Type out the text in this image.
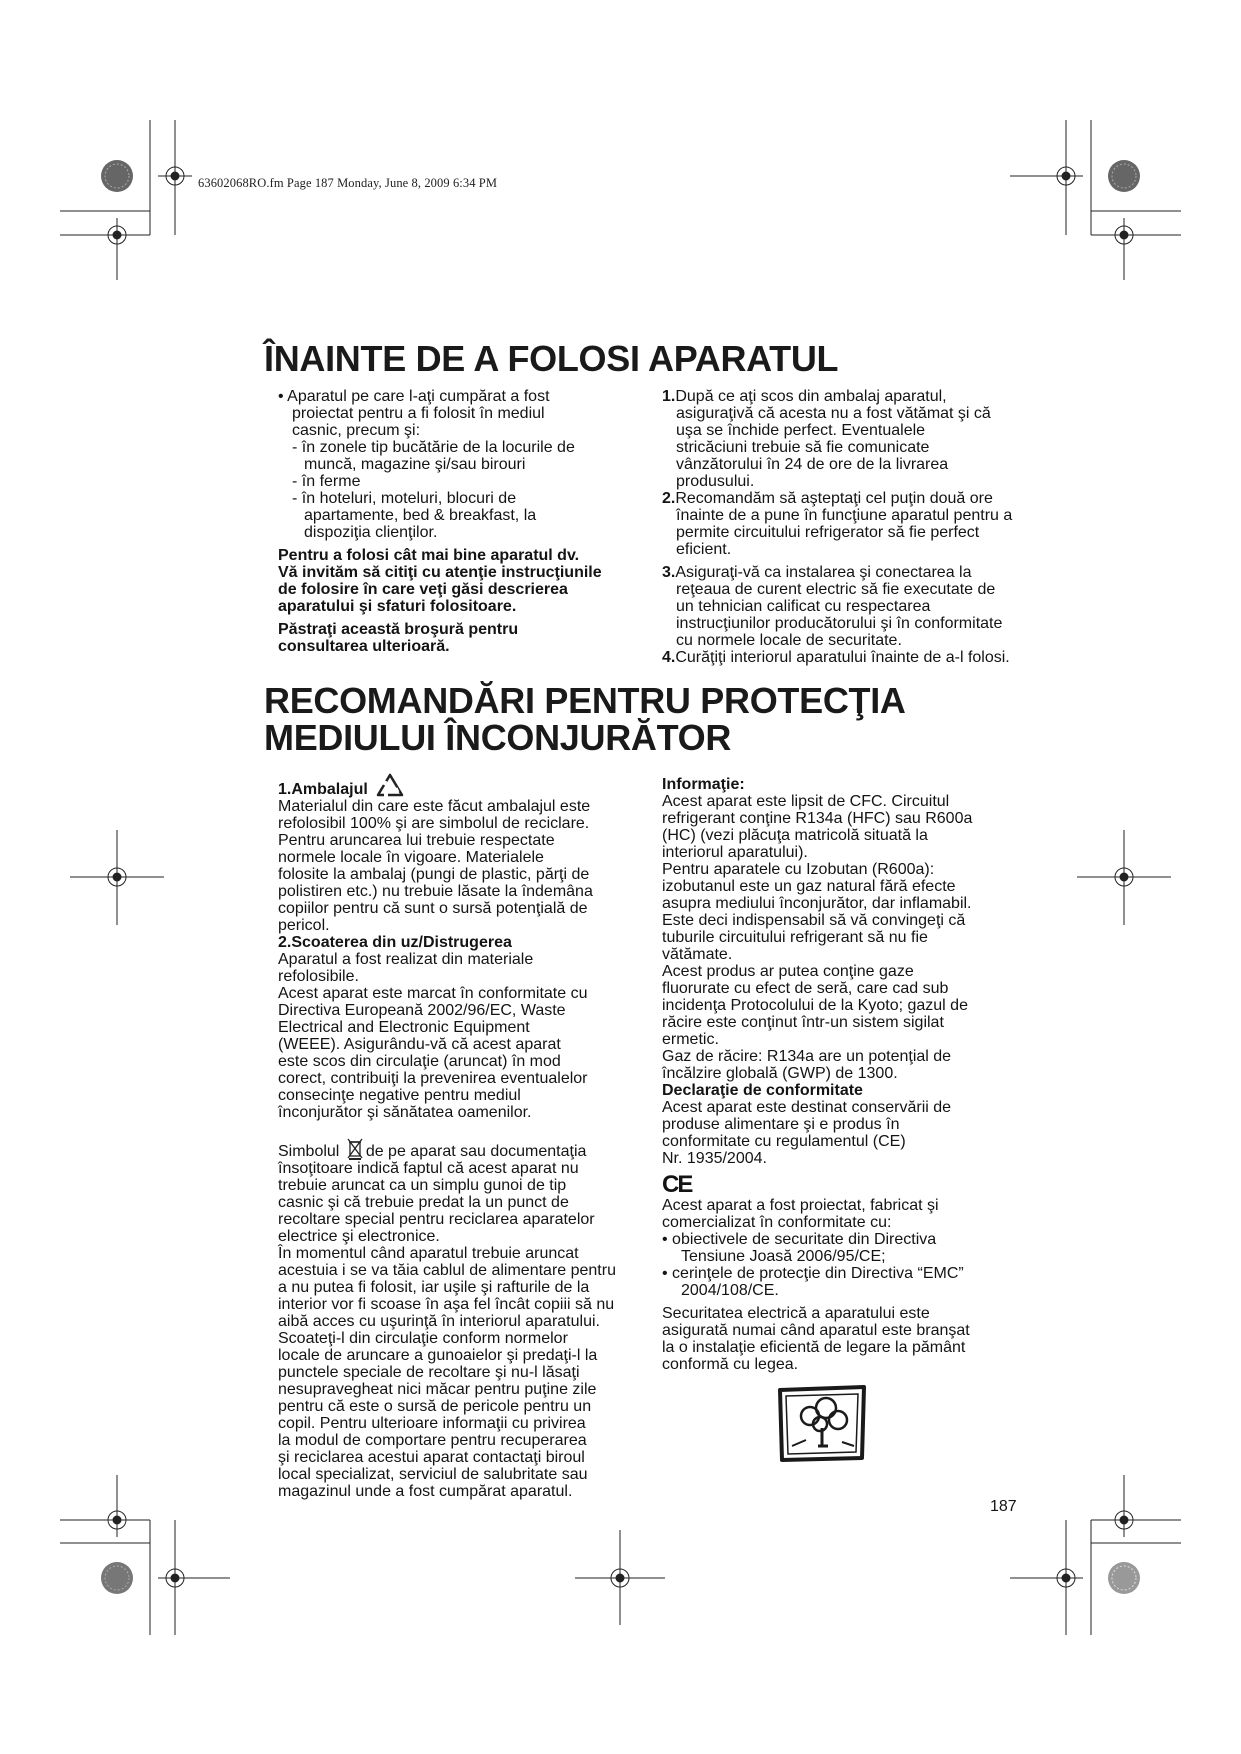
63602068RO.fm Page 187 Monday, June 8, 2009 6:34 PM
ÎNAINTE DE A FOLOSI APARATUL

• Aparatul pe care l-aţi cumpărat a fost

proiectat pentru a fi folosit în mediul

casnic, precum şi:

- în zonele tip bucătărie de la locurile de
muncă, magazine şi/sau birouri

- în ferme

- în hoteluri, moteluri, blocuri de
apartamente, bed & breakfast, la
dispoziţia clienţilor.

Pentru a folosi cât mai bine aparatul dv.
Vă invităm să citiţi cu atenţie instrucţiunile
de folosire în care veţi găsi descrierea
aparatului şi sfaturi folositoare.

Păstraţi această broşură pentru
consultarea ulterioară.

1.După ce aţi scos din ambalaj aparatul,
asiguraţivă că acesta nu a fost vătămat şi că
uşa se închide perfect. Eventualele
stricăciuni trebuie să fie comunicate
vânzătorului în 24 de ore de la livrarea
produsului.

2.Recomandăm să aşteptaţi cel puţin două ore
înainte de a pune în funcţiune aparatul pentru a
permite circuitului refrigerator să fie perfect
eficient.

3.Asiguraţi-vă ca instalarea şi conectarea la
reţeaua de curent electric să fie executate de
un tehnician calificat cu respectarea
instrucţiunilor producătorului şi în conformitate
cu normele locale de securitate.

4.Curăţiţi interiorul aparatului înainte de a-l folosi.

RECOMANDĂRI PENTRU PROTECŢIA
MEDIULUI ÎNCONJURĂTOR

1.Ambalajul

Materialul din care este făcut ambalajul este
refolosibil 100% şi are simbolul de reciclare.
Pentru aruncarea lui trebuie respectate
normele locale în vigoare. Materialele
folosite la ambalaj (pungi de plastic, părţi de
polistiren etc.) nu trebuie lăsate la îndemâna
copiilor pentru că sunt o sursă potenţială de
pericol.

2.Scoaterea din uz/Distrugerea

Aparatul a fost realizat din materiale
refolosibile.
Acest aparat este marcat în conformitate cu
Directiva Europeană 2002/96/EC, Waste
Electrical and Electronic Equipment
(WEEE). Asigurându-vă că acest aparat
este scos din circulaţie (aruncat) în mod
corect, contribuiţi la prevenirea eventualelor
consecinţe negative pentru mediul
înconjurător şi sănătatea oamenilor.

Simbolul de pe aparat sau documentaţia
însoţitoare indică faptul că acest aparat nu
trebuie aruncat ca un simplu gunoi de tip
casnic şi că trebuie predat la un punct de
recoltare special pentru reciclarea aparatelor
electrice şi electronice.
În momentul când aparatul trebuie aruncat
acestuia i se va tăia cablul de alimentare pentru
a nu putea fi folosit, iar uşile şi rafturile de la
interior vor fi scoase în aşa fel încât copiii să nu
aibă acces cu uşurinţă în interiorul aparatului.
Scoateţi-l din circulaţie conform normelor
locale de aruncare a gunoaielor şi predaţi-l la
punctele speciale de recoltare şi nu-l lăsaţi
nesupravegheat nici măcar pentru puţine zile
pentru că este o sursă de pericole pentru un
copil. Pentru ulterioare informaţii cu privirea
la modul de comportare pentru recuperarea
şi reciclarea acestui aparat contactaţi biroul
local specializat, serviciul de salubritate sau
magazinul unde a fost cumpărat aparatul.

Informaţie:

Acest aparat este lipsit de CFC. Circuitul
refrigerant conţine R134a (HFC) sau R600a
(HC) (vezi plăcuţa matricolă situată la
interiorul aparatului).
Pentru aparatele cu Izobutan (R600a):
izobutanul este un gaz natural fără efecte
asupra mediului înconjurător, dar inflamabil.
Este deci indispensabil să vă convingeţi că
tuburile circuitului refrigerant să nu fie
vătămate.
Acest produs ar putea conţine gaze
fluorurate cu efect de seră, care cad sub
incidenţa Protocolului de la Kyoto; gazul de
răcire este conţinut într-un sistem sigilat
ermetic.
Gaz de răcire: R134a are un potenţial de
încălzire globală (GWP) de 1300.

Declaraţie de conformitate

Acest aparat este destinat conservării de
produse alimentare şi e produs în
conformitate cu regulamentul (CE)
Nr. 1935/2004.

CE

Acest aparat a fost proiectat, fabricat şi
comercializat în conformitate cu:

• obiectivele de securitate din Directiva
Tensiune Joasă 2006/95/CE;

• cerinţele de protecţie din Directiva “EMC”
2004/108/CE.

Securitatea electrică a aparatului este
asigurată numai când aparatul este branşat
la o instalaţie eficientă de legare la pământ
conformă cu legea.

187
